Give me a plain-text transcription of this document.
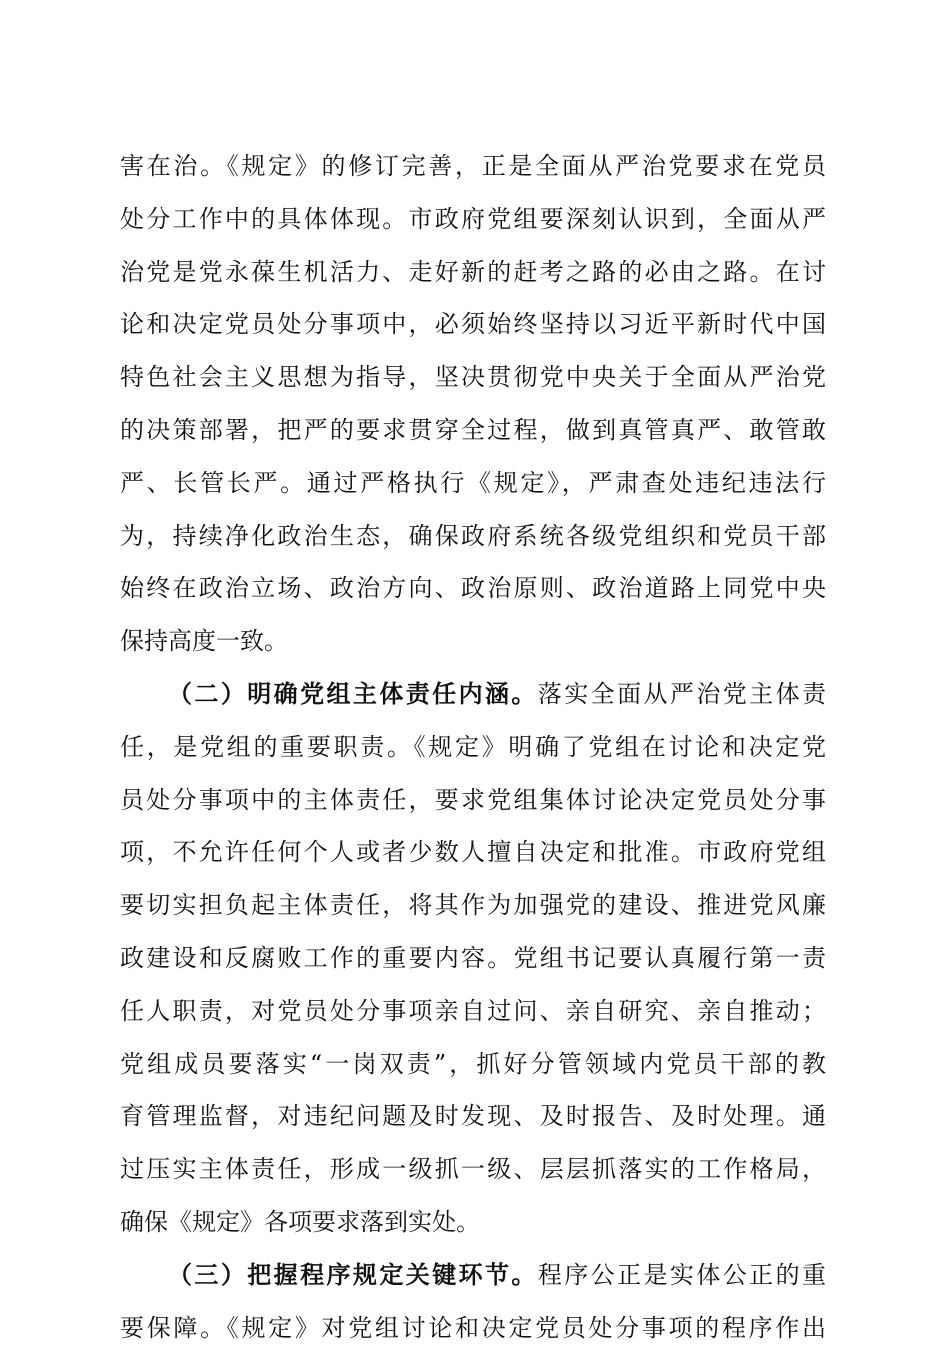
害在治。《规定》的修订完善，正是全面从严治党要求在党员
处分工作中的具体体现。市政府党组要深刻认识到，全面从严
治党是党永葆生机活力、走好新的赶考之路的必由之路。在讨
论和决定党员处分事项中，必须始终坚持以习近平新时代中国
特色社会主义思想为指导，坚决贯彻党中央关于全面从严治党
的决策部署，把严的要求贯穿全过程，做到真管真严、敢管敢
严、长管长严。通过严格执行《规定》，严肃查处违纪违法行
为，持续净化政治生态，确保政府系统各级党组织和党员干部
始终在政治立场、政治方向、政治原则、政治道路上同党中央
保持高度一致。
（二）明确党组主体责任内涵。落实全面从严治党主体责
任，是党组的重要职责。《规定》明确了党组在讨论和决定党
员处分事项中的主体责任，要求党组集体讨论决定党员处分事
项，不允许任何个人或者少数人擅自决定和批准。市政府党组
要切实担负起主体责任，将其作为加强党的建设、推进党风廉
政建设和反腐败工作的重要内容。党组书记要认真履行第一责
任人职责，对党员处分事项亲自过问、亲自研究、亲自推动；
党组成员要落实“一岗双责”，抓好分管领域内党员干部的教
育管理监督，对违纪问题及时发现、及时报告、及时处理。通
过压实主体责任，形成一级抓一级、层层抓落实的工作格局，
确保《规定》各项要求落到实处。
（三）把握程序规定关键环节。程序公正是实体公正的重
要保障。《规定》对党组讨论和决定党员处分事项的程序作出
